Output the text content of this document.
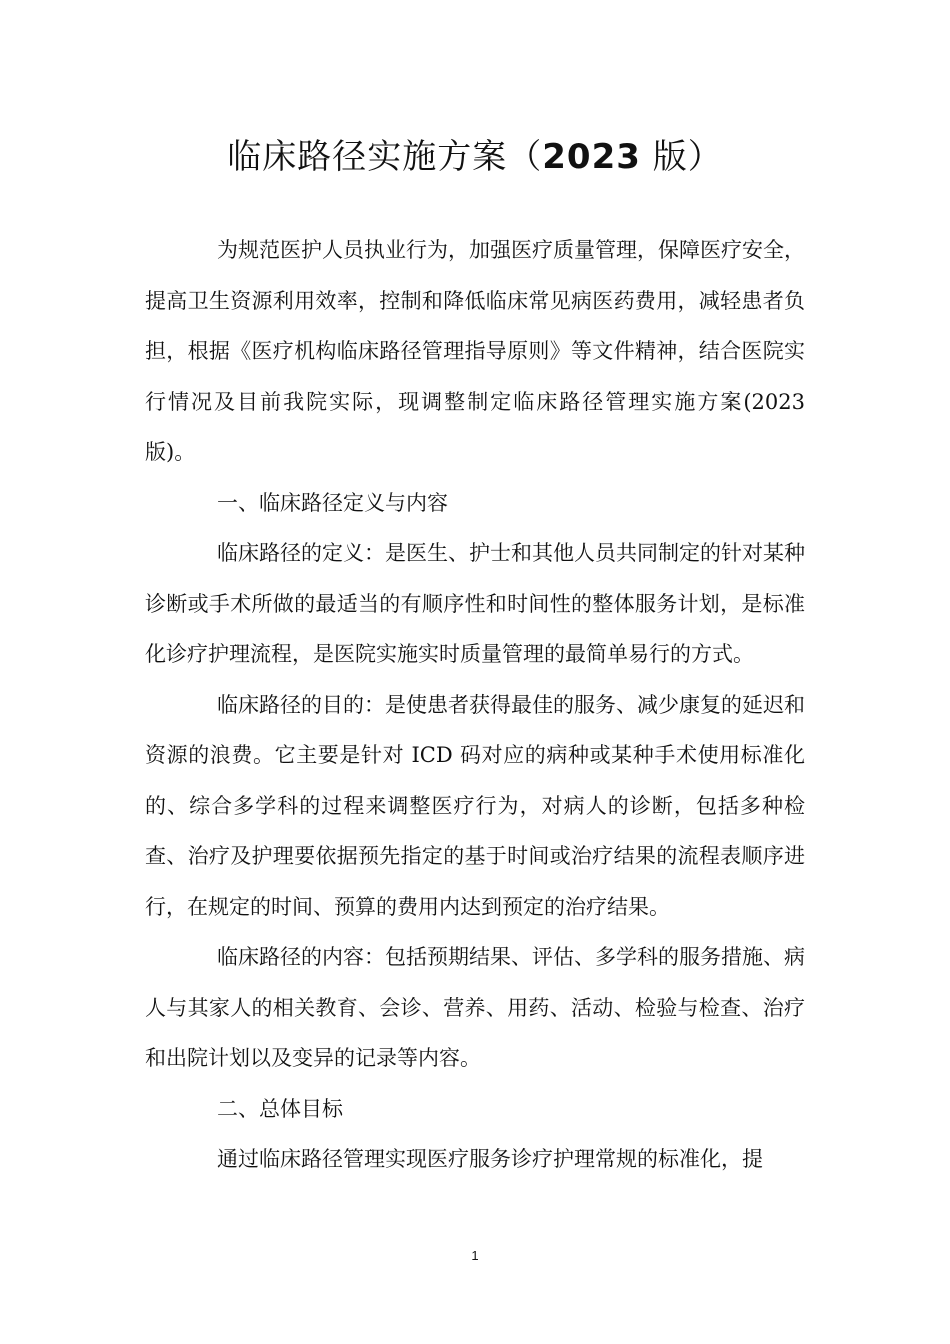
临床路径实施方案（2023 版）

为规范医护人员执业行为，加强医疗质量管理，保障医疗安全，提高卫生资源利用效率，控制和降低临床常见病医药费用，减轻患者负担，根据《医疗机构临床路径管理指导原则》等文件精神，结合医院实行情况及目前我院实际，现调整制定临床路径管理实施方案(2023 版)。

一、临床路径定义与内容

临床路径的定义：是医生、护士和其他人员共同制定的针对某种诊断或手术所做的最适当的有顺序性和时间性的整体服务计划，是标准化诊疗护理流程，是医院实施实时质量管理的最简单易行的方式。

临床路径的目的：是使患者获得最佳的服务、减少康复的延迟和资源的浪费。它主要是针对 ICD 码对应的病种或某种手术使用标准化的、综合多学科的过程来调整医疗行为，对病人的诊断，包括多种检查、治疗及护理要依据预先指定的基于时间或治疗结果的流程表顺序进行，在规定的时间、预算的费用内达到预定的治疗结果。

临床路径的内容：包括预期结果、评估、多学科的服务措施、病人与其家人的相关教育、会诊、营养、用药、活动、检验与检查、治疗和出院计划以及变异的记录等内容。

二、总体目标

通过临床路径管理实现医疗服务诊疗护理常规的标准化，提

1
